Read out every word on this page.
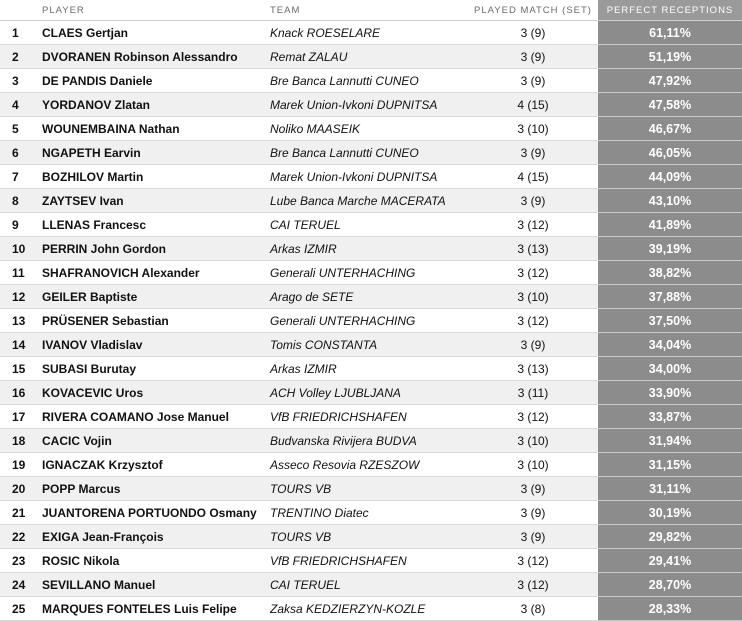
	PLAYER	TEAM	PLAYED MATCH (SET)	PERFECT RECEPTIONS
1	CLAES Gertjan	Knack ROESELARE	3 (9)	61,11%
2	DVORANEN Robinson Alessandro	Remat ZALAU	3 (9)	51,19%
3	DE PANDIS Daniele	Bre Banca Lannutti CUNEO	3 (9)	47,92%
4	YORDANOV Zlatan	Marek Union-Ivkoni DUPNITSA	4 (15)	47,58%
5	WOUNEMBAINA Nathan	Noliko MAASEIK	3 (10)	46,67%
6	NGAPETH Earvin	Bre Banca Lannutti CUNEO	3 (9)	46,05%
7	BOZHILOV Martin	Marek Union-Ivkoni DUPNITSA	4 (15)	44,09%
8	ZAYTSEV Ivan	Lube Banca Marche MACERATA	3 (9)	43,10%
9	LLENAS Francesc	CAI TERUEL	3 (12)	41,89%
10	PERRIN John Gordon	Arkas IZMIR	3 (13)	39,19%
11	SHAFRANOVICH Alexander	Generali UNTERHACHING	3 (12)	38,82%
12	GEILER Baptiste	Arago de SETE	3 (10)	37,88%
13	PRÜSENER Sebastian	Generali UNTERHACHING	3 (12)	37,50%
14	IVANOV Vladislav	Tomis CONSTANTA	3 (9)	34,04%
15	SUBASI Burutay	Arkas IZMIR	3 (13)	34,00%
16	KOVACEVIC Uros	ACH Volley LJUBLJANA	3 (11)	33,90%
17	RIVERA COAMANO Jose Manuel	VfB FRIEDRICHSHAFEN	3 (12)	33,87%
18	CACIC Vojin	Budvanska Rivijera BUDVA	3 (10)	31,94%
19	IGNACZAK Krzysztof	Asseco Resovia RZESZOW	3 (10)	31,15%
20	POPP Marcus	TOURS VB	3 (9)	31,11%
21	JUANTORENA PORTUONDO Osmany	TRENTINO Diatec	3 (9)	30,19%
22	EXIGA Jean-François	TOURS VB	3 (9)	29,82%
23	ROSIC Nikola	VfB FRIEDRICHSHAFEN	3 (12)	29,41%
24	SEVILLANO Manuel	CAI TERUEL	3 (12)	28,70%
25	MARQUES FONTELES Luis Felipe	Zaksa KEDZIERZYN-KOZLE	3 (8)	28,33%
